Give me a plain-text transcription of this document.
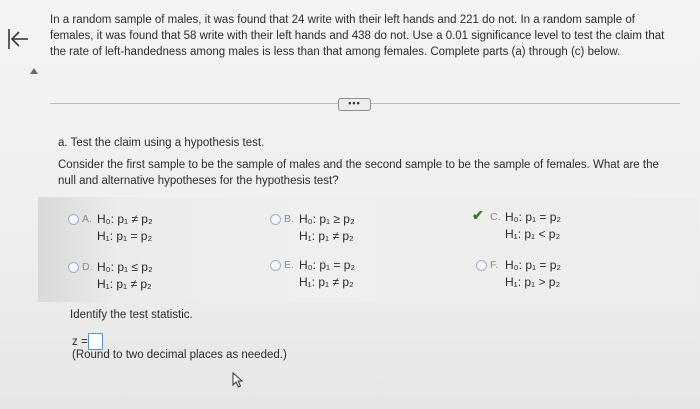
In a random sample of males, it was found that 24 write with their left hands and 221 do not. In a random sample of females, it was found that 58 write with their left hands and 438 do not. Use a 0.01 significance level to test the claim that the rate of left-handedness among males is less than that among females. Complete parts (a) through (c) below.
•••
a. Test the claim using a hypothesis test.
Consider the first sample to be the sample of males and the second sample to be the sample of females. What are the null and alternative hypotheses for the hypothesis test?
A. H₀: p₁ ≠ p₂
H₁: p₁ = p₂
B. H₀: p₁ ≥ p₂
H₁: p₁ ≠ p₂
✔ C. H₀: p₁ = p₂
H₁: p₁ < p₂
D. H₀: p₁ ≤ p₂
H₁: p₁ ≠ p₂
E. H₀: p₁ = p₂
H₁: p₁ ≠ p₂
F. H₀: p₁ = p₂
H₁: p₁ > p₂
Identify the test statistic.
z =
(Round to two decimal places as needed.)
